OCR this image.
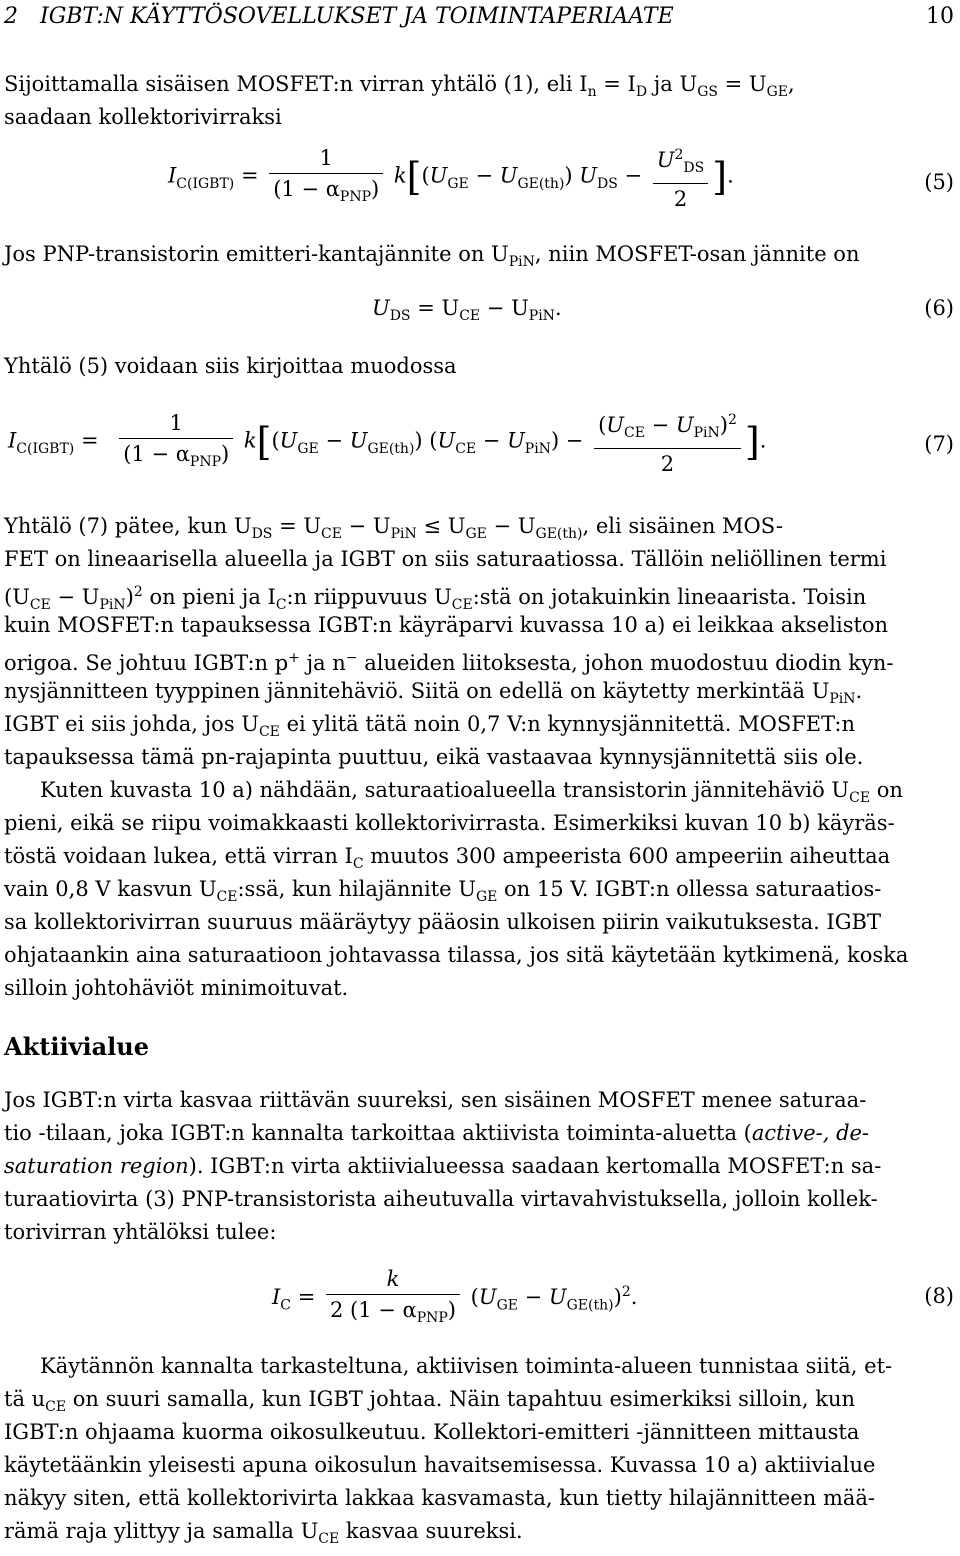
2 IGBT:N KÄYTTÖSOVELLUKSET JA TOIMINTAPERIAATE	10
Sijoittamalla sisäisen MOSFET:n virran yhtälö (1), eli $I_n = I_D$ ja $U_{GS} = U_{GE}$,
saadaan kollektorivirraksi
$I_{C(IGBT)} = \frac{1}{(1 - \alpha_{PNP})} k[(U_{GE} - U_{GE(th)}) U_{DS} - \frac{U^2_{DS}}{2}$ ].	(5)
Jos PNP-transistorin emitteri-kantajännite on $U_{PiN}$, niin MOSFET-osan jännite on
$U_{DS} = U_{CE} - U_{PiN}$.	(6)
Yhtälö (5) voidaan siis kirjoittaa muodossa
$I_{C(IGBT)} = \frac{1}{(1 - \alpha_{PNP})} k[(U_{GE} - U_{GE(th)}) (U_{CE} - U_{PiN}) - \frac{(U_{CE} - U_{PiN})^2}{2}$ ].	(7)
Yhtälö (7) pätee, kun $U_{DS} = U_{CE} - U_{PiN} \le U_{GE} - U_{GE(th)}$, eli sisäinen MOS-
FET on lineaarisella alueella ja IGBT on siis saturaatiossa. Tällöin neliöllinen termi
$(U_{CE} - U_{PiN})^2$ on pieni ja $I_C:n$ riippuvuus $U_{CE}:stä$ on jotakuinkin lineaarista. Toisin
kuin MOSFET:n tapauksessa IGBT:n käyräparvi kuvassa 10 a) ei leikkaa akseliston
origoa. Se johtuu IGBT:n p+ ja n− alueiden liitoksesta, johon muodostuu diodin kyn-
nysjännitteen tyyppinen jännitehäviö. Siitä on edellä on käytetty merkintää $U_{PiN}$.
IGBT ei siis johda, jos $U_{CE}$ ei ylitä tätä noin 0,7 V:n kynnysjännitettä. MOSFET:n
tapauksessa tämä pn-rajapinta puuttuu, eikä vastaavaa kynnysjännitettä siis ole.
Kuten kuvasta 10 a) nähdään, saturaatioalueella transistorin jännitehäviö $U_{CE}$ on
pieni, eikä se riipu voimakkaasti kollektorivirrasta. Esimerkiksi kuvan 10 b) käyräs-
töstä voidaan lukea, että virran $I_C$ muutos 300 ampeerista 600 ampeeriin aiheuttaa
vain 0,8 V kasvun $U_{CE}:ssä$, kun hilajännite $U_{GE}$ on 15 V. IGBT:n ollessa saturaatios-
sa kollektorivirran suuruus määräytyy pääosin ulkoisen piirin vaikutuksesta. IGBT
ohjataankin aina saturaatioon johtavassa tilassa, jos sitä käytetään kytkimenä, koska
silloin johtohäviöt minimoituvat.
Aktiivialue
Jos IGBT:n virta kasvaa riittävän suureksi, sen sisäinen MOSFET menee saturaa-
tio -tilaan, joka IGBT:n kannalta tarkoittaa aktiivista toiminta-aluetta (active-, de-
saturation region). IGBT:n virta aktiivialueessa saadaan kertomalla MOSFET:n sa-
turaatiovirta (3) PNP-transistorista aiheutuvalla virtavahvistuksella, jolloin kollek-
torivirran yhtälöksi tulee:
$I_C = \frac{k}{2 (1 - \alpha_{PNP})} (U_{GE} - U_{GE(th)})^2$.	(8)
Käytännön kannalta tarkasteltuna, aktiivisen toiminta-alueen tunnistaa siitä, et-
tä $u_{CE}$ on suuri samalla, kun IGBT johtaa. Näin tapahtuu esimerkiksi silloin, kun
IGBT:n ohjaama kuorma oikosulkeutuu. Kollektori-emitteri -jännitteen mittausta
käytetäänkin yleisesti apuna oikosulun havaitsemisessa. Kuvassa 10 a) aktiivialue
näkyy siten, että kollektorivirta lakkaa kasvamasta, kun tietty hilajännitteen mää-
rämä raja ylittyy ja samalla $U_{CE}$ kasvaa suureksi.
